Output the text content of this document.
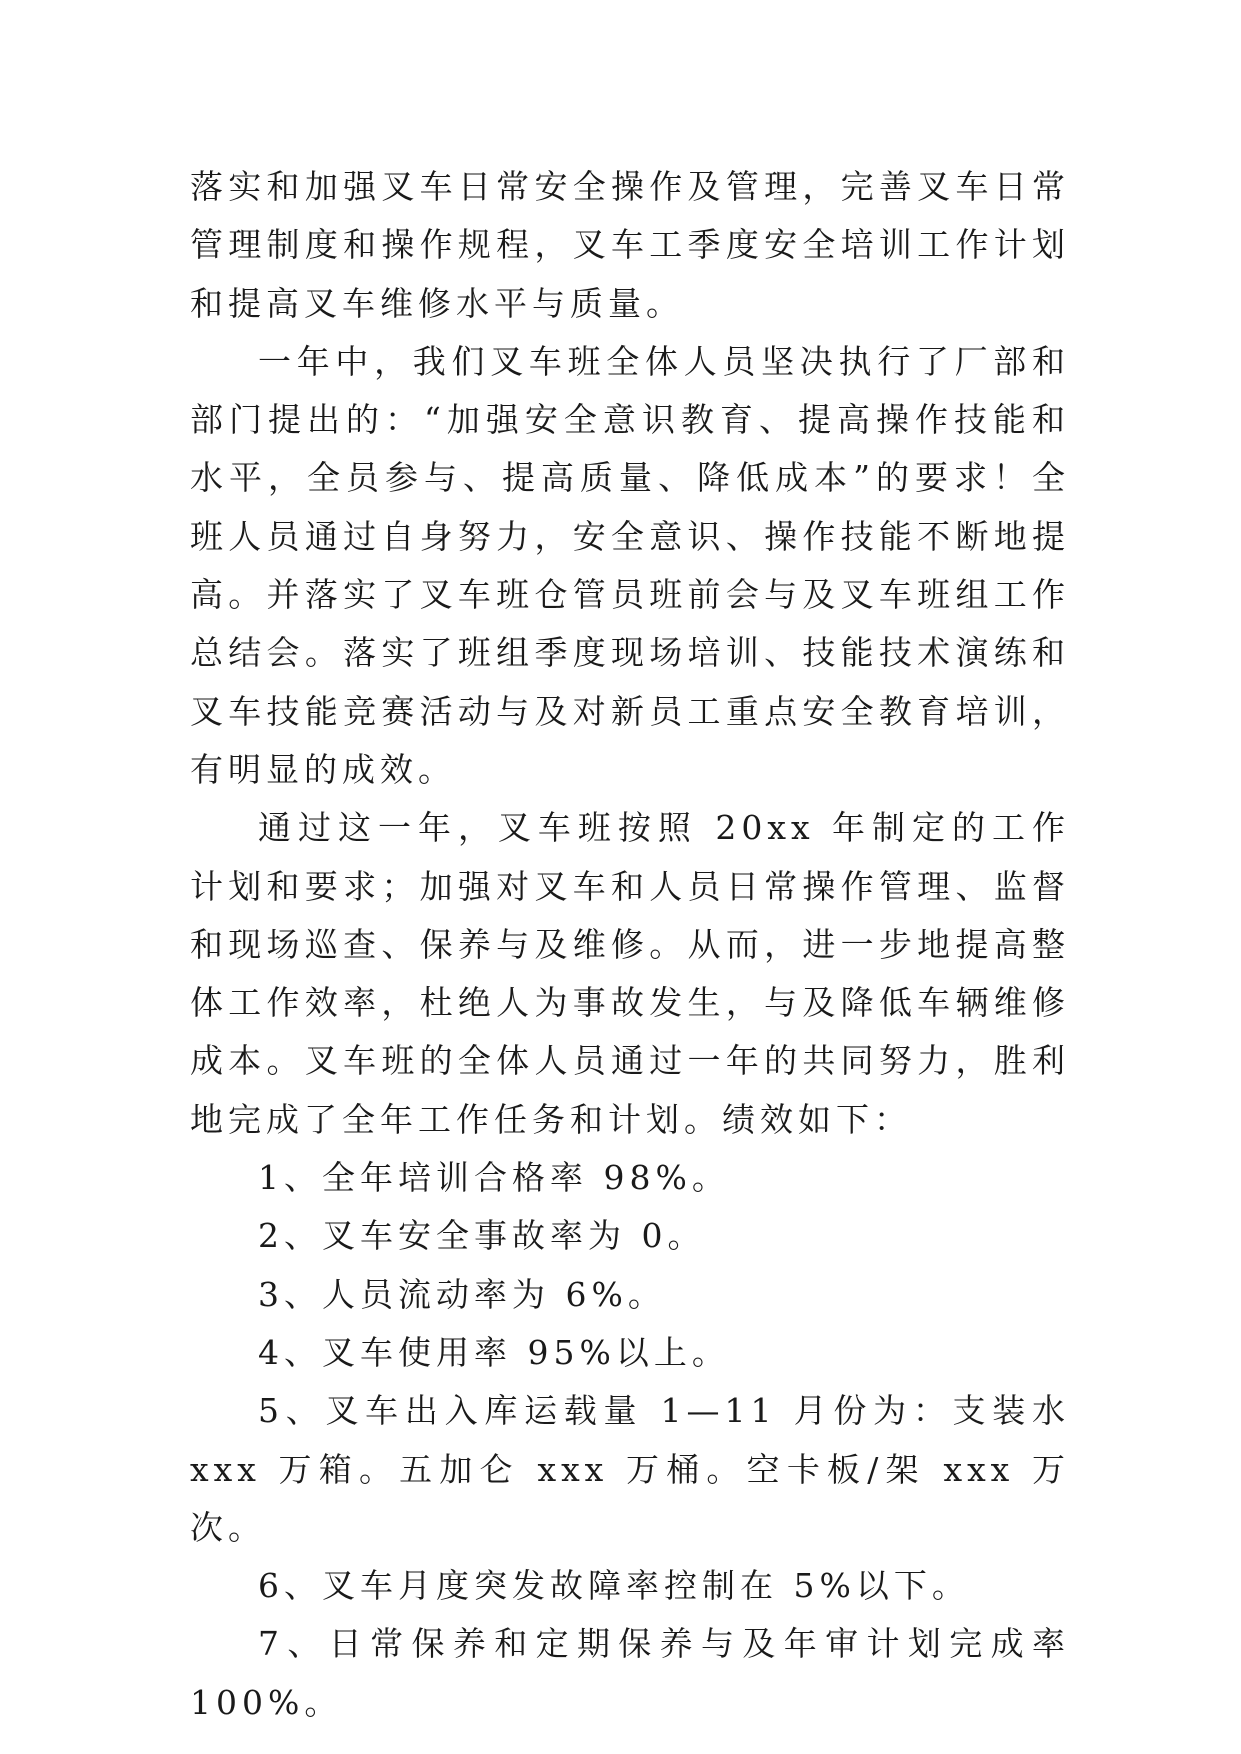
落实和加强叉车日常安全操作及管理，完善叉车日常管理制度和操作规程，叉车工季度安全培训工作计划和提高叉车维修水平与质量。

一年中，我们叉车班全体人员坚决执行了厂部和部门提出的：“加强安全意识教育、提高操作技能和水平，全员参与、提高质量、降低成本”的要求！全班人员通过自身努力，安全意识、操作技能不断地提高。并落实了叉车班仓管员班前会与及叉车班组工作总结会。落实了班组季度现场培训、技能技术演练和叉车技能竞赛活动与及对新员工重点安全教育培训，有明显的成效。

通过这一年，叉车班按照 20xx 年制定的工作计划和要求；加强对叉车和人员日常操作管理、监督和现场巡查、保养与及维修。从而，进一步地提高整体工作效率，杜绝人为事故发生，与及降低车辆维修成本。叉车班的全体人员通过一年的共同努力，胜利地完成了全年工作任务和计划。绩效如下：

1、全年培训合格率 98%。

2、叉车安全事故率为 0。

3、人员流动率为 6%。

4、叉车使用率 95%以上。

5、叉车出入库运载量 1—11 月份为：支装水 xxx 万箱。五加仑 xxx 万桶。空卡板/架 xxx 万次。

6、叉车月度突发故障率控制在 5%以下。

7、日常保养和定期保养与及年审计划完成率 100%。
